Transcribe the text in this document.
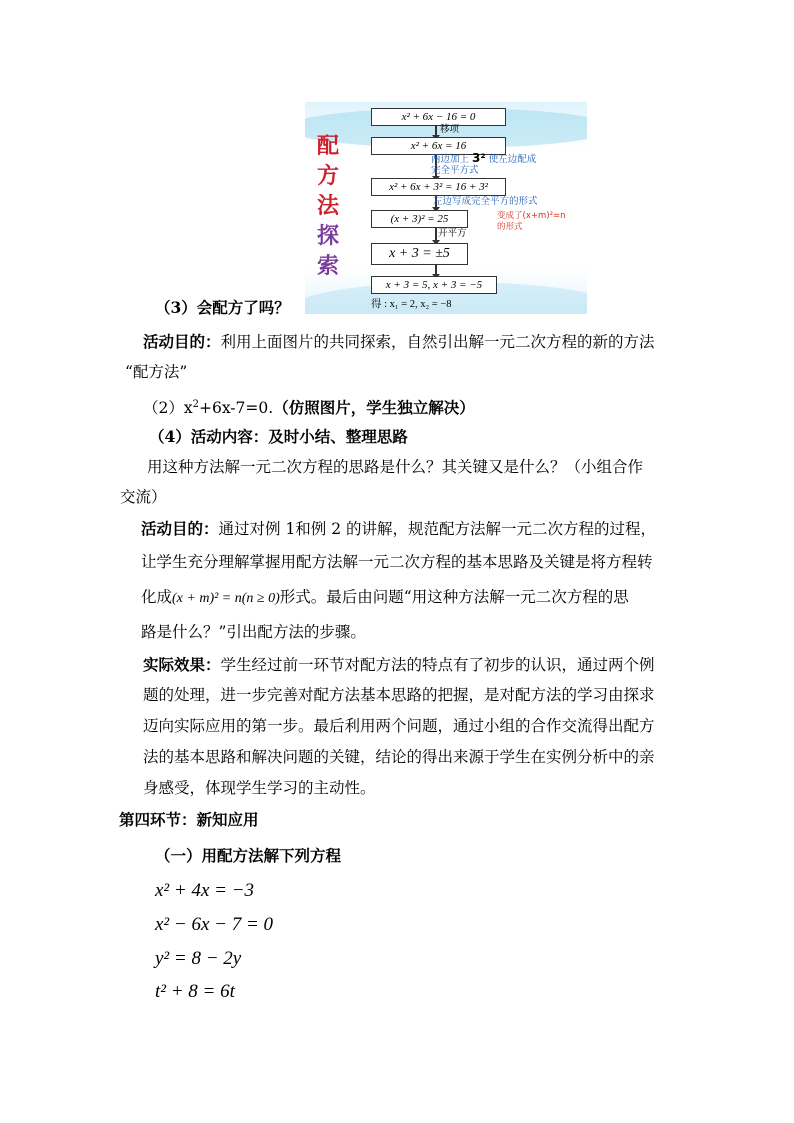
配
方
法
探
索
x² + 6x − 16 = 0
移项
x² + 6x = 16
两边加上 3² 使左边配成
完全平方式
x² + 6x + 3² = 16 + 3²
左边写成完全平方的形式
(x + 3)² = 25	变成了(x+m)²=n
的形式
开平方
x + 3 = ±5
x + 3 = 5, x + 3 = −5
得 : x₁ = 2, x₂ = −8
（3）会配方了吗？
活动目的：利用上面图片的共同探索，自然引出解一元二次方程的新的方法
“配方法”
$(2)x^2+6x-7=0$.（仿照图片，学生独立解决）
（4）活动内容：及时小结、整理思路
用这种方法解一元二次方程的思路是什么？其关键又是什么？（小组合作
交流）
活动目的：通过对例 1和例 2 的讲解，规范配方法解一元二次方程的过程，
让学生充分理解掌握用配方法解一元二次方程的基本思路及关键是将方程转
化成(x + m)² = n(n ≥ 0)形式。最后由问题“用这种方法解一元二次方程的思
路是什么？”引出配方法的步骤。
实际效果：学生经过前一环节对配方法的特点有了初步的认识，通过两个例
题的处理，进一步完善对配方法基本思路的把握，是对配方法的学习由探求
迈向实际应用的第一步。最后利用两个问题，通过小组的合作交流得出配方
法的基本思路和解决问题的关键，结论的得出来源于学生在实例分析中的亲
身感受，体现学生学习的主动性。
第四环节：新知应用
（一）用配方法解下列方程
x² + 4x = −3
x² − 6x − 7 = 0
y² = 8 − 2y
t² + 8 = 6t
